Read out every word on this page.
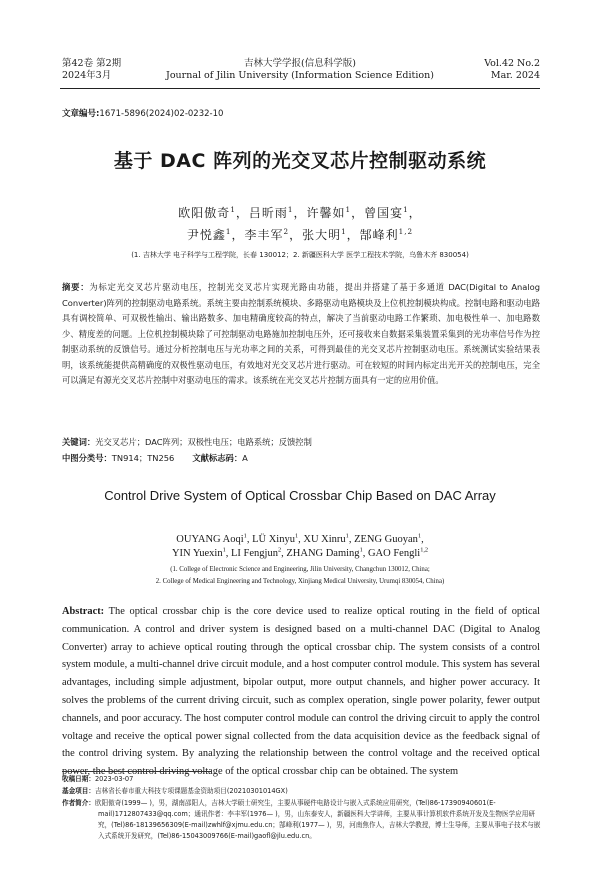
第42卷 第2期
2024年3月
吉林大学学报(信息科学版)
Journal of Jilin University (Information Science Edition)
Vol.42 No.2
Mar. 2024
文章编号:1671-5896(2024)02-0232-10
基于 DAC 阵列的光交叉芯片控制驱动系统
欧阳傲奇$^1$，吕昕雨$^1$，许馨如$^1$，曾国宴$^1$，
尹悦鑫$^1$，李丰军$^2$，张大明$^1$，郜峰利$^{1,2}$
(1. 吉林大学 电子科学与工程学院，长春 130012；2. 新疆医科大学 医学工程技术学院，乌鲁木齐 830054)
摘要：为标定光交叉芯片驱动电压，控制光交叉芯片实现光路由功能，提出并搭建了基于多通道 DAC(Digital to Analog Converter)阵列的控制驱动电路系统。系统主要由控制系统模块、多路驱动电路模块及上位机控制模块构成。控制电路和驱动电路具有调校简单、可双极性输出、输出路数多、加电精确度较高的特点，解决了当前驱动电路工作繁琐、加电极性单一、加电路数少、精度差的问题。上位机控制模块除了可控制驱动电路施加控制电压外，还可接收来自数据采集装置采集到的光功率信号作为控制驱动系统的反馈信号。通过分析控制电压与光功率之间的关系，可得到最佳的光交叉芯片控制驱动电压。系统测试实验结果表明，该系统能提供高精确度的双极性驱动电压，有效地对光交叉芯片进行驱动。可在较短的时间内标定出光开关的控制电压，完全可以满足有源光交叉芯片控制中对驱动电压的需求。该系统在光交叉芯片控制方面具有一定的应用价值。
关键词：光交叉芯片；DAC阵列；双极性电压；电路系统；反馈控制
中图分类号：TN914；TN256 文献标志码：A
Control Drive System of Optical Crossbar Chip Based on DAC Array
OUYANG Aoqi$^1$, LÜ Xinyu$^1$, XU Xinru$^1$, ZENG Guoyan$^1$,
YIN Yuexin$^1$, LI Fengjun$^2$, ZHANG Daming$^1$, GAO Fengli$^{1,2}$
(1. College of Electronic Science and Engineering, Jilin University, Changchun 130012, China;
2. College of Medical Engineering and Technology, Xinjiang Medical University, Urumqi 830054, China)
Abstract: The optical crossbar chip is the core device used to realize optical routing in the field of optical communication. A control and driver system is designed based on a multi-channel DAC (Digital to Analog Converter) array to achieve optical routing through the optical crossbar chip. The system consists of a control system module, a multi-channel drive circuit module, and a host computer control module. This system has several advantages, including simple adjustment, bipolar output, more output channels, and higher power accuracy. It solves the problems of the current driving circuit, such as complex operation, single power polarity, fewer output channels, and poor accuracy. The host computer control module can control the driving circuit to apply the control voltage and receive the optical power signal collected from the data acquisition device as the feedback signal of the control driving system. By analyzing the relationship between the control voltage and the received optical power, the best control driving voltage of the optical crossbar chip can be obtained. The system
收稿日期：2023-03-07
基金项目：吉林省长春市重大科技专项课题基金资助项目(20210301014GX)
作者简介：欧阳傲奇(1999— )，男，湖南邵阳人，吉林大学硕士研究生，主要从事硬件电路设计与嵌入式系统应用研究，(Tel)86-17390940601(E-mail)1712807433@qq.com；通讯作者：李丰军(1976— )，男，山东泰安人，新疆医科大学讲师，主要从事计算机软件系统开发及生物医学应用研究，(Tel)86-18139656309(E-mail)zwhlf@xjmu.edu.cn；郜峰利(1977— )，男，河南焦作人，吉林大学教授，博士生导师，主要从事电子技术与嵌入式系统开发研究，(Tel)86-15043009766(E-mail)gaofl@jlu.edu.cn。
